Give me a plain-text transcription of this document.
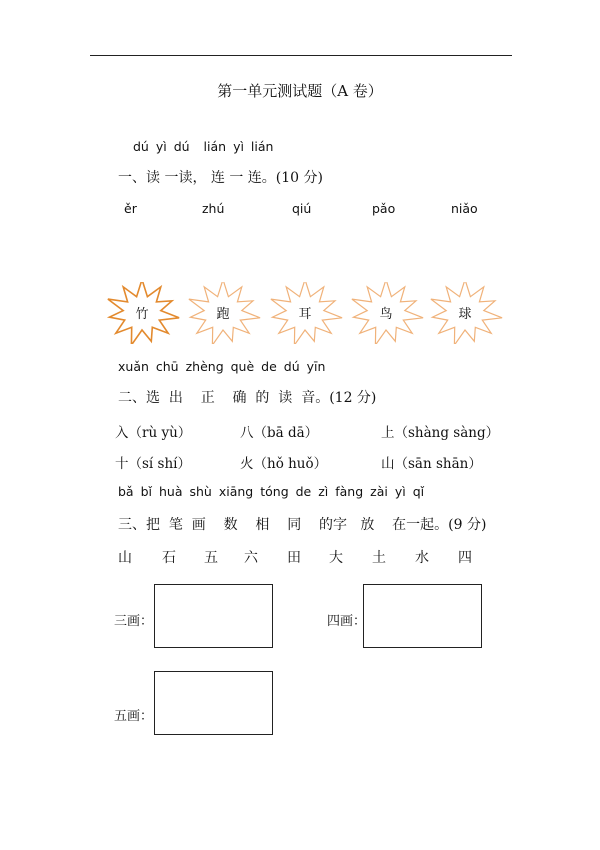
第一单元测试题（A 卷）
dú yì dú lián yì lián
一、读 一读， 连 一 连。(10 分)
ěr	zhú	qiú	pǎo	niǎo
竹	跑	耳	鸟	球
xuǎn chū zhèng què de dú yīn
二、选  出    正    确  的  读  音。(12 分)
入（rù yù）	八（bā dā）	上（shàng sàng）
十（sí shí）	火（hǒ huǒ）	山（sān shān）
bǎ bǐ huà shù xiāng tóng de zì fàng zài yì qǐ
三、把  笔  画    数    相    同    的字   放    在一起。(9 分)
山 石 五 六 田 大 土 水 四
三画：	四画：
五画：
